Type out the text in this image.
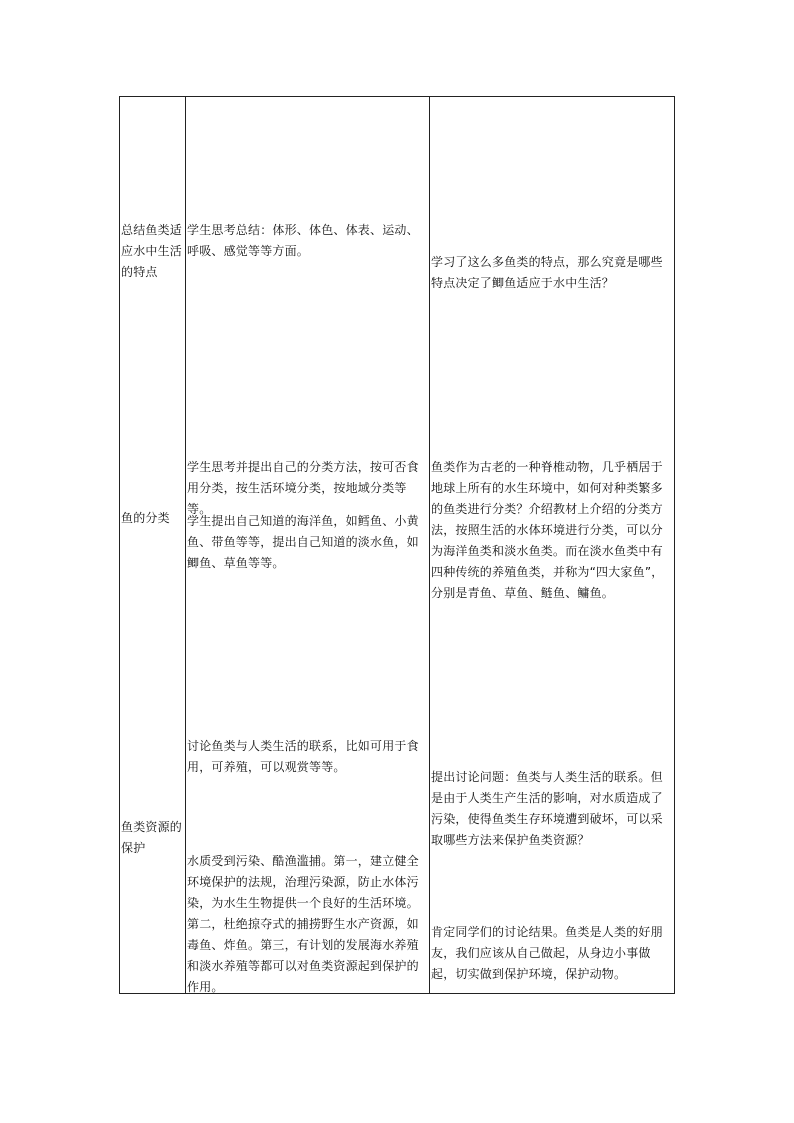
总结鱼类适应水中生活的特点

学生思考总结：体形、体色、体表、运动、呼吸、感觉等等方面。

学习了这么多鱼类的特点，那么究竟是哪些特点决定了鲫鱼适应于水中生活？

鱼的分类

学生思考并提出自己的分类方法，按可否食用分类，按生活环境分类，按地域分类等等。

学生提出自己知道的海洋鱼，如鳕鱼、小黄鱼、带鱼等等，提出自己知道的淡水鱼，如鲫鱼、草鱼等等。

鱼类作为古老的一种脊椎动物，几乎栖居于地球上所有的水生环境中，如何对种类繁多的鱼类进行分类？介绍教材上介绍的分类方法，按照生活的水体环境进行分类，可以分为海洋鱼类和淡水鱼类。而在淡水鱼类中有四种传统的养殖鱼类，并称为“四大家鱼”，分别是青鱼、草鱼、鲢鱼、鳙鱼。

鱼类资源的保护

讨论鱼类与人类生活的联系，比如可用于食用，可养殖，可以观赏等等。

水质受到污染、酷渔滥捕。第一，建立健全环境保护的法规，治理污染源，防止水体污染，为水生生物提供一个良好的生活环境。第二，杜绝掠夺式的捕捞野生水产资源，如毒鱼、炸鱼。第三，有计划的发展海水养殖和淡水养殖等都可以对鱼类资源起到保护的作用。

提出讨论问题：鱼类与人类生活的联系。但是由于人类生产生活的影响，对水质造成了污染，使得鱼类生存环境遭到破坏，可以采取哪些方法来保护鱼类资源？

肯定同学们的讨论结果。鱼类是人类的好朋友，我们应该从自己做起，从身边小事做起，切实做到保护环境，保护动物。
